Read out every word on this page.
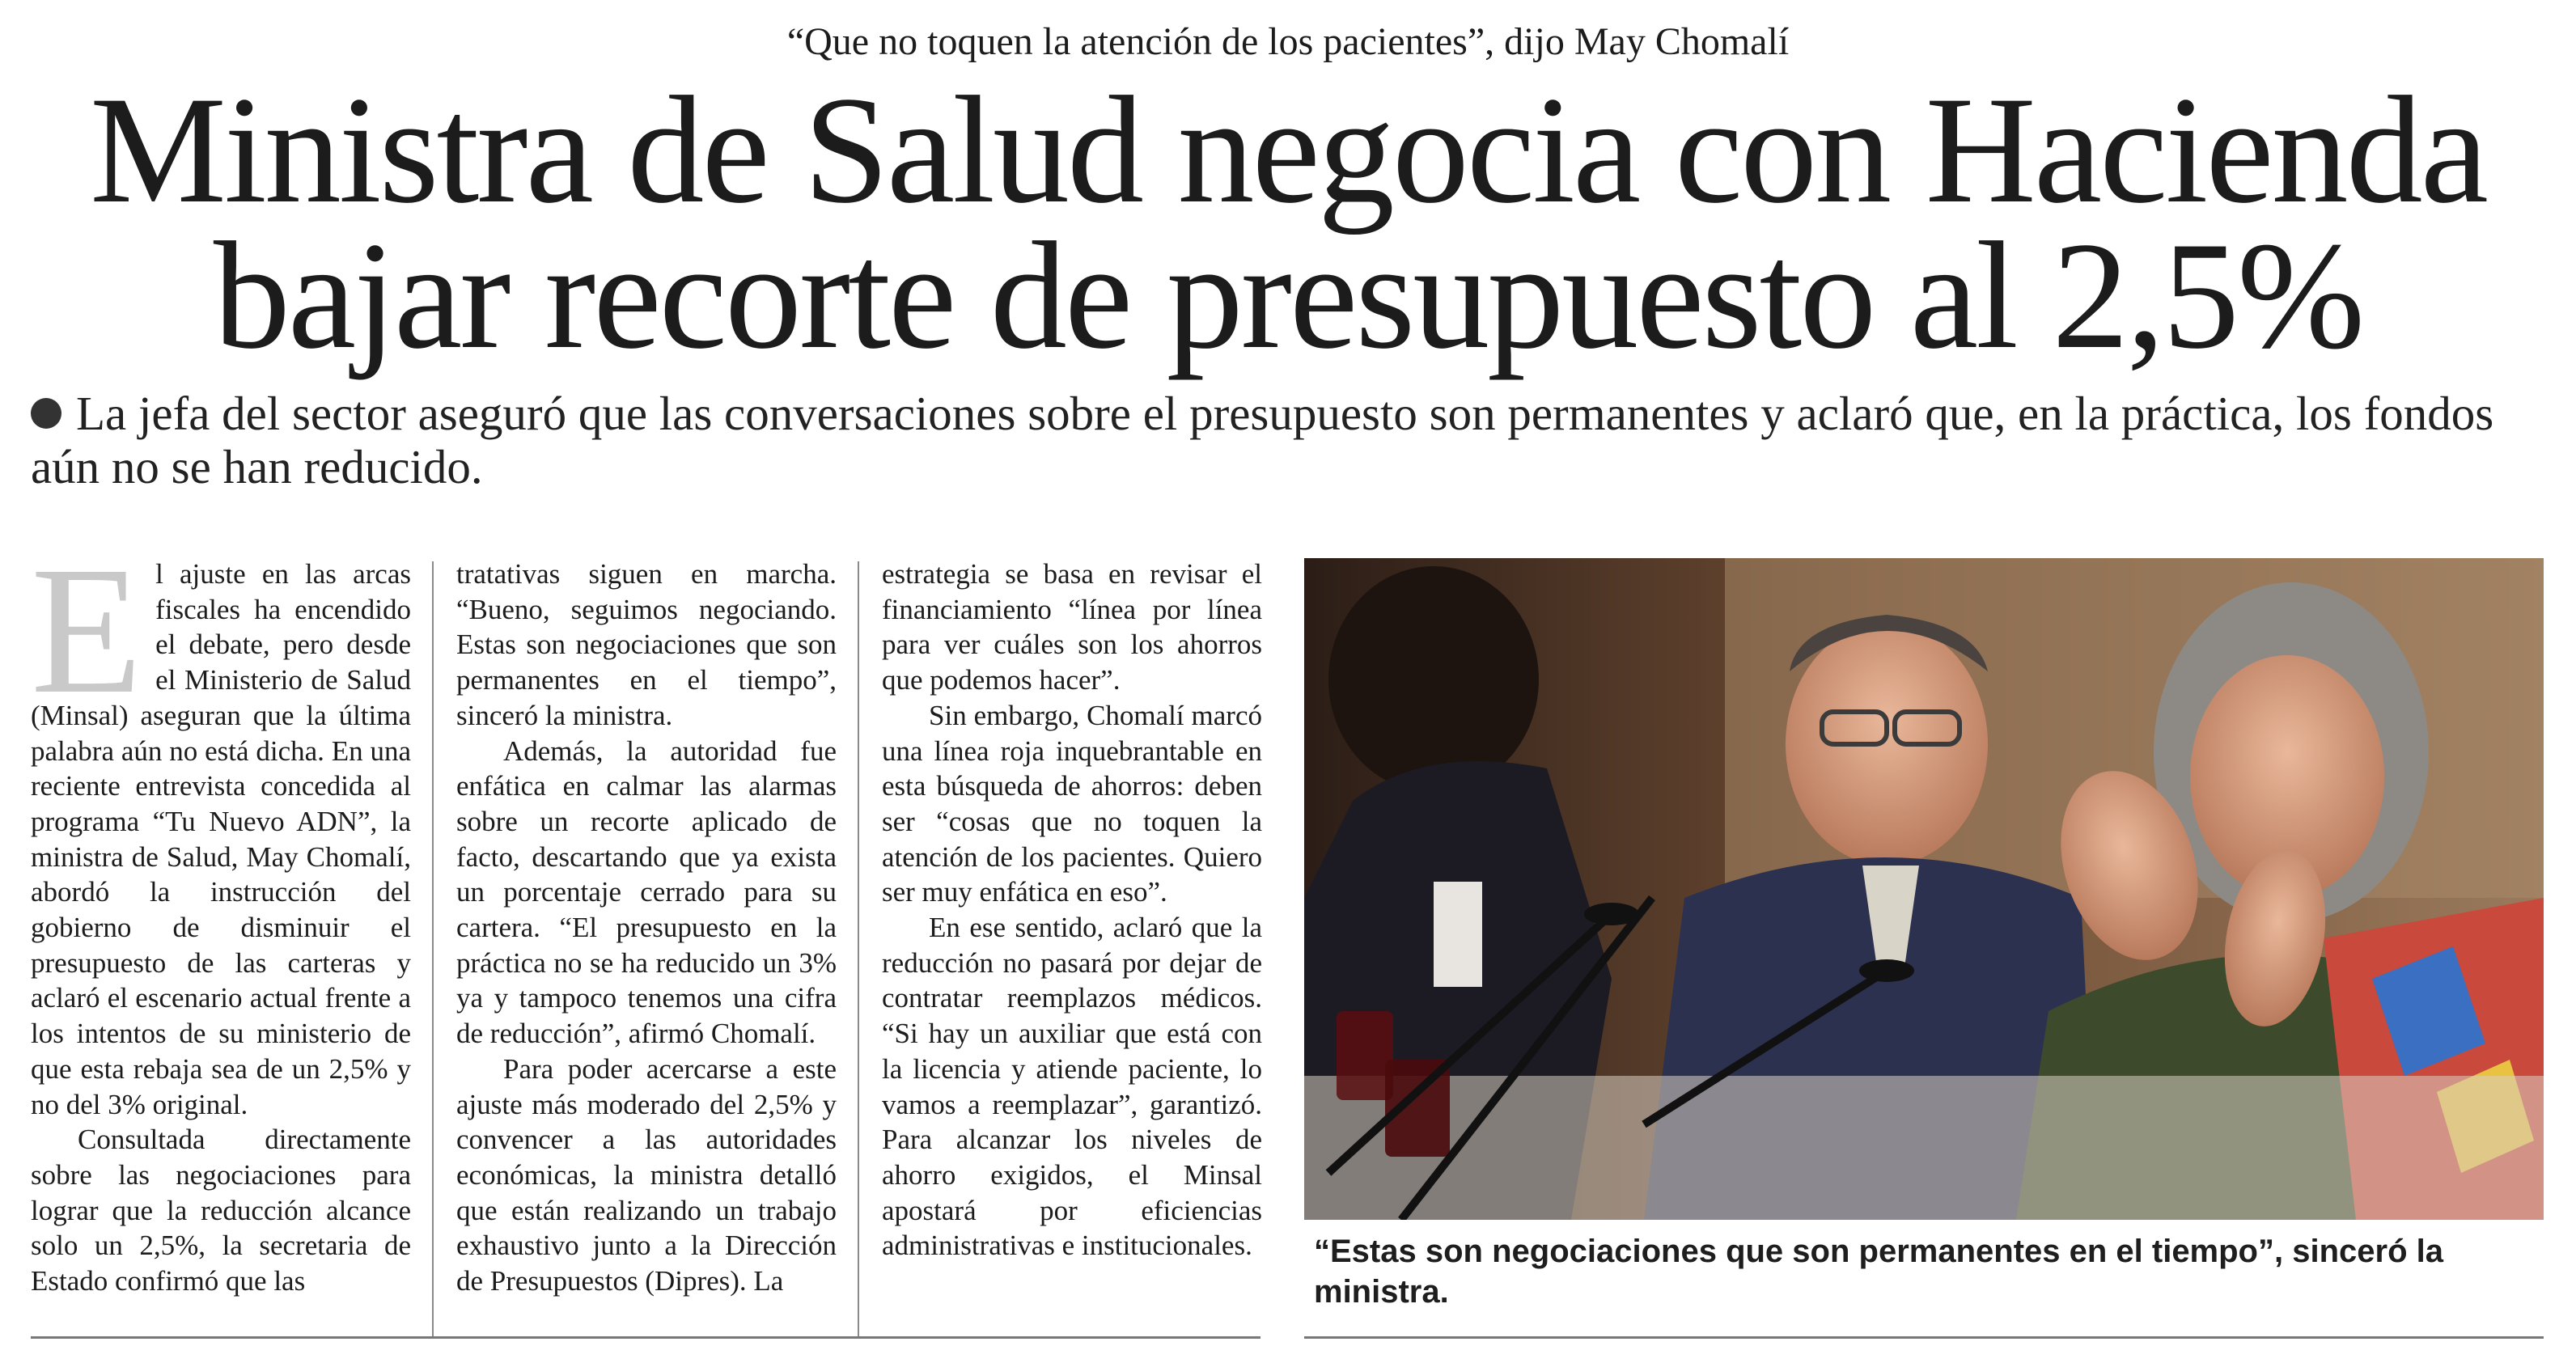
“Que no toquen la atención de los pacientes”, dijo May Chomalí
Ministra de Salud negocia con Hacienda
bajar recorte de presupuesto al 2,5%
La jefa del sector aseguró que las conversaciones sobre el presupuesto son permanentes y aclaró que, en la práctica, los fondos aún no se han reducido.
E l ajuste en las arcas fiscales ha encendido el debate, pero desde el Ministerio de Salud (Minsal) aseguran que la última palabra aún no está dicha. En una reciente entrevista concedida al programa “Tu Nuevo ADN”, la ministra de Salud, May Chomalí, abordó la instrucción del gobierno de disminuir el presupuesto de las carteras y aclaró el escenario actual frente a los intentos de su ministerio de que esta rebaja sea de un 2,5% y no del 3% original.

Consultada directamente sobre las negociaciones para lograr que la reducción alcance solo un 2,5%, la secretaria de Estado confirmó que las

tratativas siguen en marcha. “Bueno, seguimos negociando. Estas son negociaciones que son permanentes en el tiempo”, sinceró la ministra.

Además, la autoridad fue enfática en calmar las alarmas sobre un recorte aplicado de facto, descartando que ya exista un porcentaje cerrado para su cartera. “El presupuesto en la práctica no se ha reducido un 3% ya y tampoco tenemos una cifra de reducción”, afirmó Chomalí.

Para poder acercarse a este ajuste más moderado del 2,5% y convencer a las autoridades económicas, la ministra detalló que están realizando un trabajo exhaustivo junto a la Dirección de Presupuestos (Dipres). La

estrategia se basa en revisar el financiamiento “línea por línea para ver cuáles son los ahorros que podemos hacer”.

Sin embargo, Chomalí marcó una línea roja inquebrantable en esta búsqueda de ahorros: deben ser “cosas que no toquen la atención de los pacientes. Quiero ser muy enfática en eso”.

En ese sentido, aclaró que la reducción no pasará por dejar de contratar reemplazos médicos. “Si hay un auxiliar que está con la licencia y atiende paciente, lo vamos a reemplazar”, garantizó. Para alcanzar los niveles de ahorro exigidos, el Minsal apostará por eficiencias administrativas e institucionales.	“Estas son negociaciones que son permanentes en el tiempo”, sinceró la ministra.
